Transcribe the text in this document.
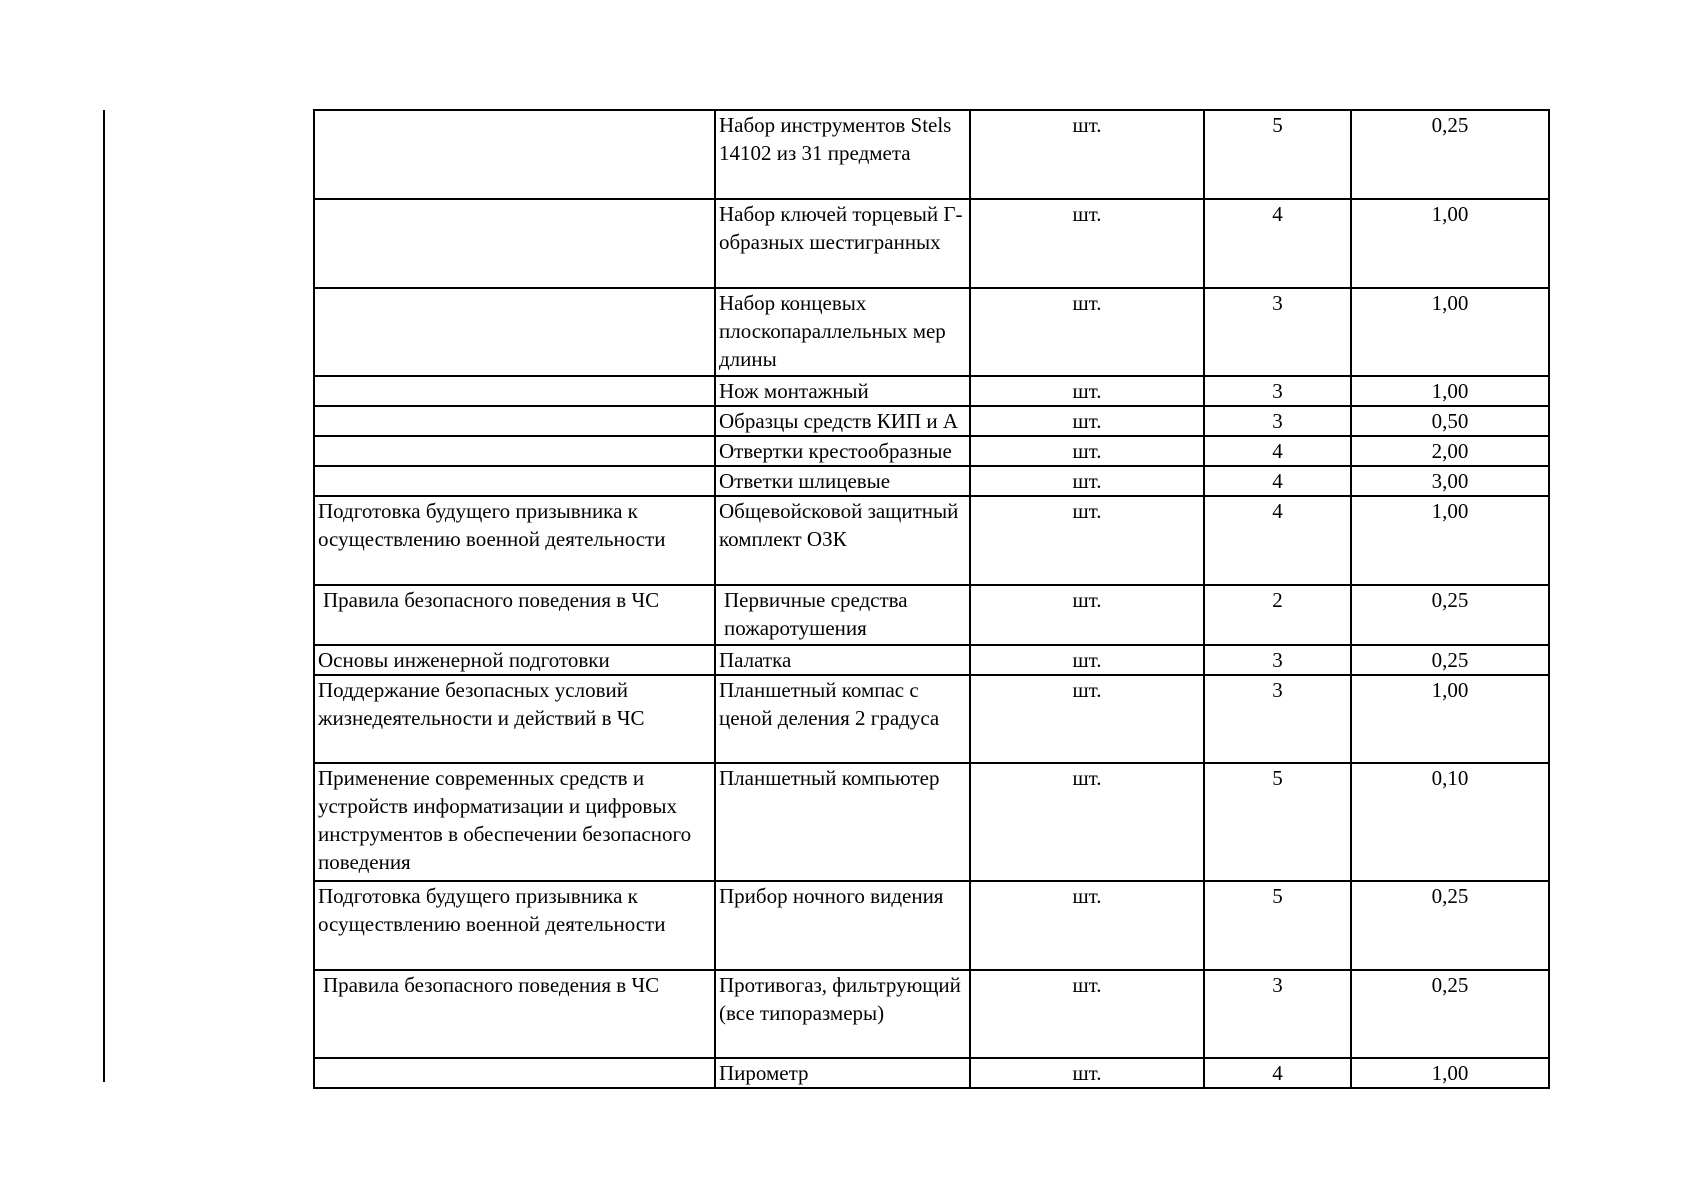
	Набор инструментов Stels 14102 из 31 предмета	шт.	5	0,25
	Набор ключей торцевый Г-образных шестигранных	шт.	4	1,00
	Набор концевых плоскопараллельных мер длины	шт.	3	1,00
	Нож монтажный	шт.	3	1,00
	Образцы средств КИП и А	шт.	3	0,50
	Отвертки крестообразные	шт.	4	2,00
	Ответки шлицевые	шт.	4	3,00
Подготовка будущего призывника к осуществлению военной деятельности	Общевойсковой защитный комплект ОЗК	шт.	4	1,00
Правила безопасного поведения в ЧС	Первичные средства пожаротушения	шт.	2	0,25
Основы инженерной подготовки	Палатка	шт.	3	0,25
Поддержание безопасных условий жизнедеятельности и действий в ЧС	Планшетный компас с ценой деления 2 градуса	шт.	3	1,00
Применение современных средств и устройств информатизации и цифровых инструментов в обеспечении безопасного поведения	Планшетный компьютер	шт.	5	0,10
Подготовка будущего призывника к осуществлению военной деятельности	Прибор ночного видения	шт.	5	0,25
Правила безопасного поведения в ЧС	Противогаз, фильтрующий (все типоразмеры)	шт.	3	0,25
	Пирометр	шт.	4	1,00
